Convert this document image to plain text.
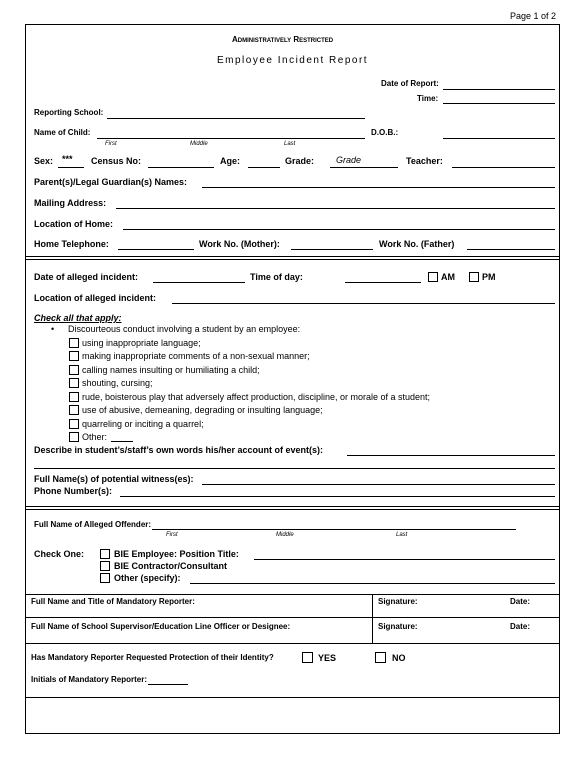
Page 1 of 2
Administratively Restricted
Employee Incident Report
Date of Report:
Time:
Reporting School:
Name of Child:
First	Middle	Last
D.O.B.:
Sex: *** Census No:	Age:	Grade: Grade	Teacher:
Parent(s)/Legal Guardian(s) Names:
Mailing Address:
Location of Home:
Home Telephone:	Work No. (Mother):	Work No. (Father)
Date of alleged incident:	Time of day:	AM	PM
Location of alleged incident:
Check all that apply:
• Discourteous conduct involving a student by an employee:
using inappropriate language;
making inappropriate comments of a non-sexual manner;
calling names insulting or humiliating a child;
shouting, cursing;
rude, boisterous play that adversely affect production, discipline, or morale of a student;
use of abusive, demeaning, degrading or insulting language;
quarreling or inciting a quarrel;
Other:
Describe in student’s/staff’s own words his/her account of event(s):
Full Name(s) of potential witness(es):
Phone Number(s):
Full Name of Alleged Offender:
First	Middle	Last
Check One:	BIE Employee: Position Title:
BIE Contractor/Consultant
Other (specify):
Full Name and Title of Mandatory Reporter:	Signature:	Date:
Full Name of School Supervisor/Education Line Officer or Designee:	Signature:	Date:
Has Mandatory Reporter Requested Protection of their Identity?	YES	NO
Initials of Mandatory Reporter:
